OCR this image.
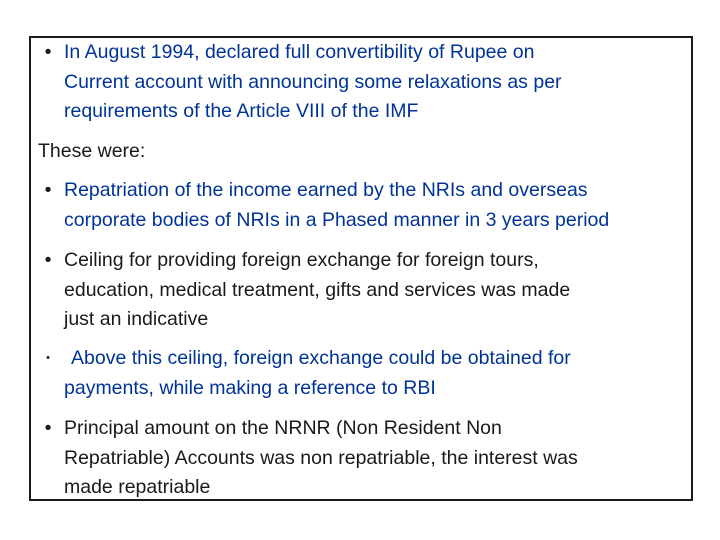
• In August 1994, declared full convertibility of Rupee on
Current account with announcing some relaxations as per
requirements of the Article VIII of the IMF
These were:
• Repatriation of the income earned by the NRIs and overseas
corporate bodies of NRIs in a Phased manner in 3 years period
• Ceiling for providing foreign exchange for foreign tours,
education, medical treatment, gifts and services was made
just an indicative
•	Above this ceiling, foreign exchange could be obtained for
payments, while making a reference to RBI
• Principal amount on the NRNR (Non Resident Non
Repatriable) Accounts was non repatriable, the interest was
made repatriable
